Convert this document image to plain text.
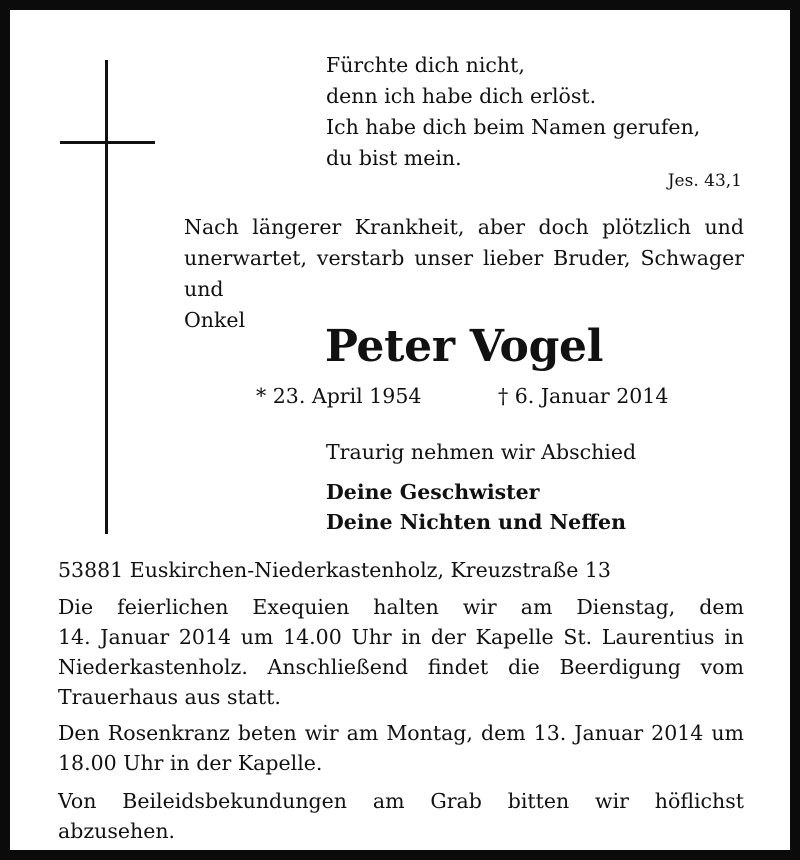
Fürchte dich nicht,
denn ich habe dich erlöst.
Ich habe dich beim Namen gerufen,
du bist mein.
Jes. 43,1
Nach längerer Krankheit, aber doch plötzlich und
unerwartet, verstarb unser lieber Bruder, Schwager und
Onkel
Peter Vogel
* 23. April 1954	† 6. Januar 2014
Traurig nehmen wir Abschied
Deine Geschwister
Deine Nichten und Neffen
53881 Euskirchen-Niederkastenholz, Kreuzstraße 13
Die feierlichen Exequien halten wir am Dienstag, dem
14. Januar 2014 um 14.00 Uhr in der Kapelle St. Laurentius in
Niederkastenholz. Anschließend findet die Beerdigung vom
Trauerhaus aus statt.
Den Rosenkranz beten wir am Montag, dem 13. Januar 2014 um
18.00 Uhr in der Kapelle.
Von Beileidsbekundungen am Grab bitten wir höflichst abzusehen.
